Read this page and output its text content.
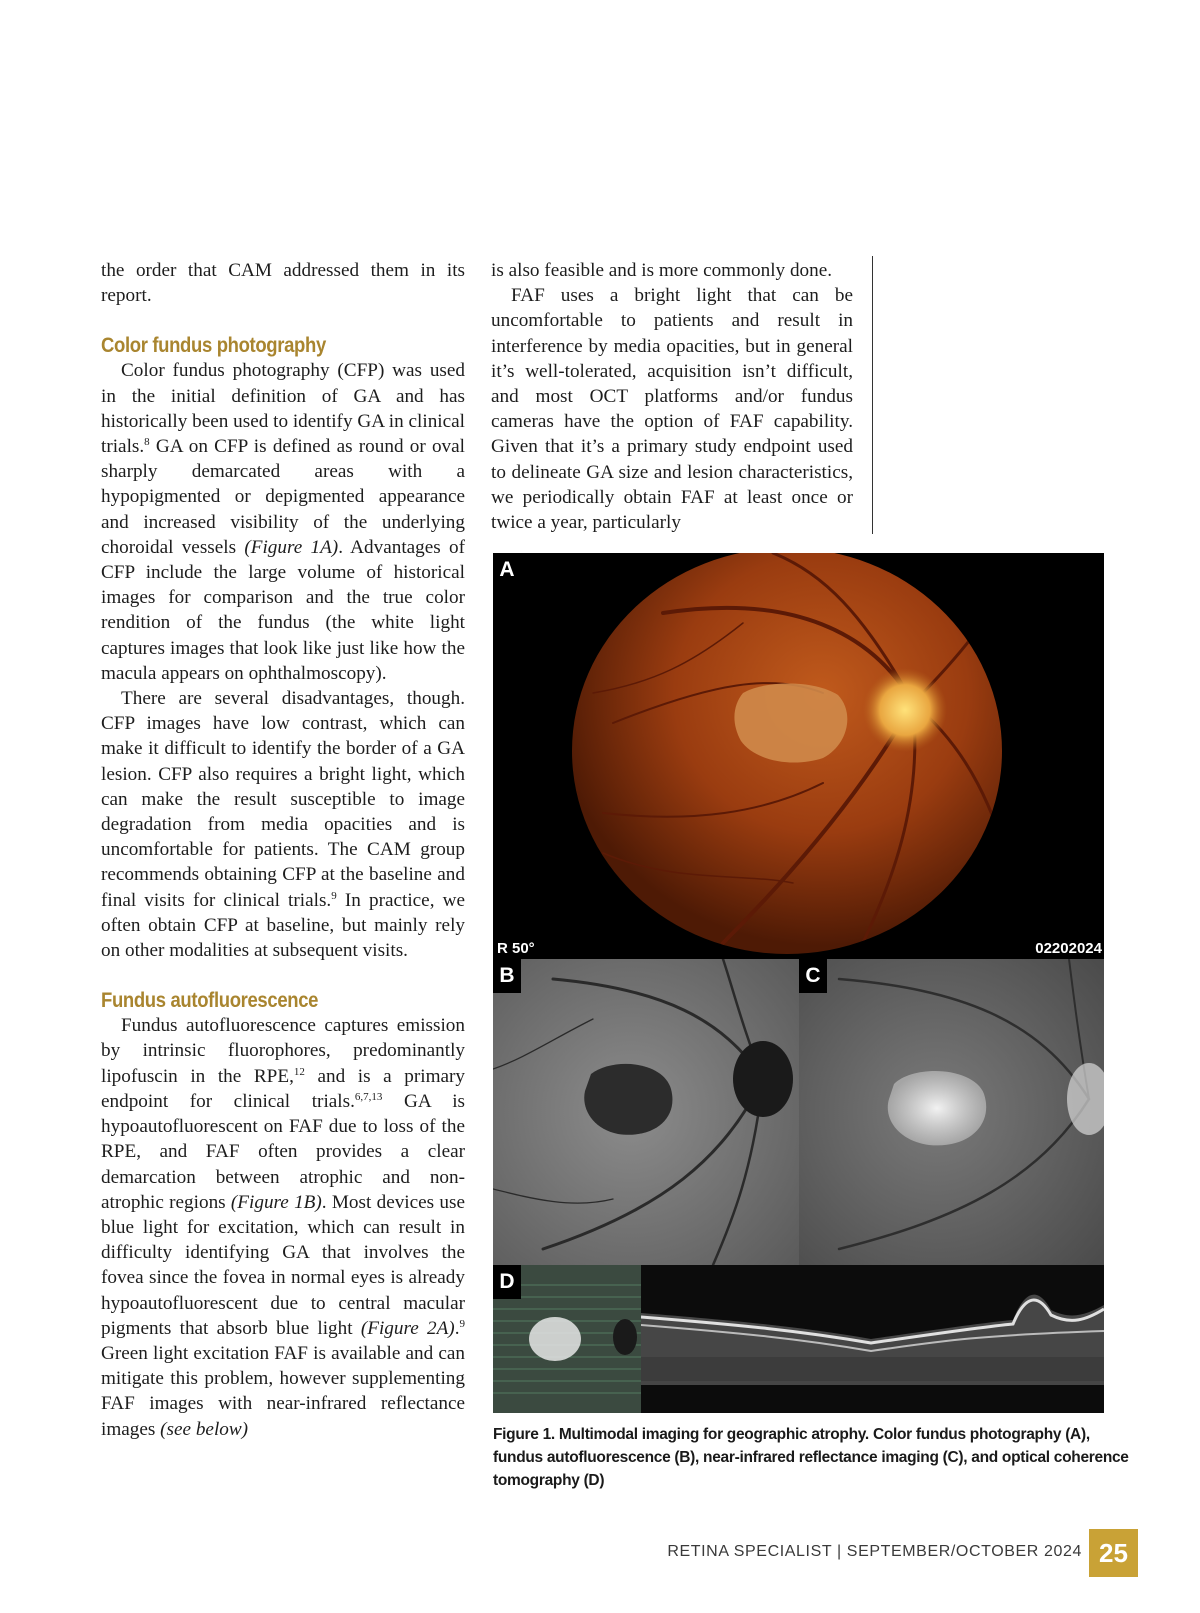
the order that CAM addressed them in its report.

Color fundus photography

Color fundus photography (CFP) was used in the initial definition of GA and has historically been used to identify GA in clinical trials.$^8$ GA on CFP is defined as round or oval sharply demarcated areas with a hypopigmented or depigmented appearance and increased visibility of the underlying choroidal vessels (Figure 1A). Advantages of CFP include the large volume of historical images for comparison and the true color rendition of the fundus (the white light captures images that look like just like how the macula appears on ophthalmoscopy).

There are several disadvantages, though. CFP images have low contrast, which can make it difficult to identify the border of a GA lesion. CFP also requires a bright light, which can make the result susceptible to image degradation from media opacities and is uncomfortable for patients. The CAM group recommends obtaining CFP at the baseline and final visits for clinical trials.$^9$ In practice, we often obtain CFP at baseline, but mainly rely on other modalities at subsequent visits.

Fundus autofluorescence

Fundus autofluorescence captures emission by intrinsic fluorophores, predominantly lipofuscin in the RPE,$^{12}$ and is a primary endpoint for clinical trials.$^{6,7,13}$ GA is hypoautofluorescent on FAF due to loss of the RPE, and FAF often provides a clear demarcation between atrophic and non-atrophic regions (Figure 1B). Most devices use blue light for excitation, which can result in difficulty identifying GA that involves the fovea since the fovea in normal eyes is already hypoautofluorescent due to central macular pigments that absorb blue light (Figure 2A).$^9$ Green light excitation FAF is available and can mitigate this problem, however supplementing FAF images with near-infrared reflectance images (see below)

is also feasible and is more commonly done.

FAF uses a bright light that can be uncomfortable to patients and result in interference by media opacities, but in general it’s well-tolerated, acquisition isn’t difficult, and most OCT platforms and/or fundus cameras have the option of FAF capability. Given that it’s a primary study endpoint used to delineate GA size and lesion characteristics, we periodically obtain FAF at least once or twice a year, particularly

A
R 50°	02202024
B	C
D
Figure 1. Multimodal imaging for geographic atrophy. Color fundus photography (A), fundus autofluorescence (B), near-infrared reflectance imaging (C), and optical coherence tomography (D)
RETINA SPECIALIST | SEPTEMBER/OCTOBER 2024 25
